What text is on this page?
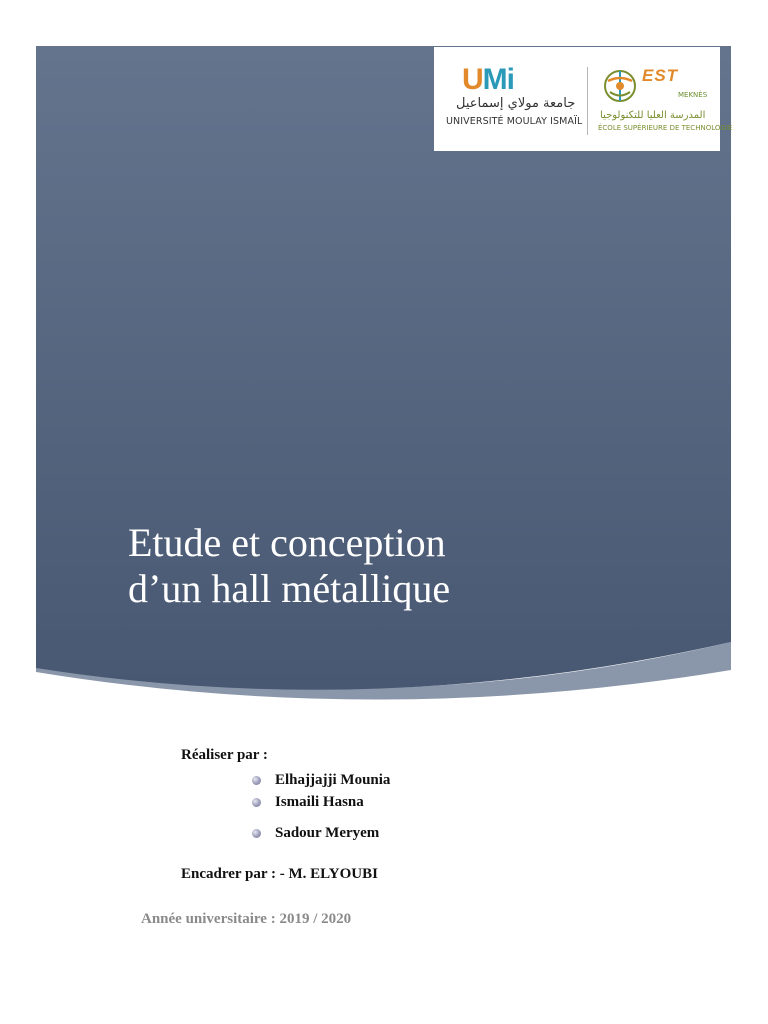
UMi
جامعة مولاي إسماعيل
UNIVERSITÉ MOULAY ISMAÏL
EST
MEKNÈS
المدرسة العليا للتكنولوجيا
ÉCOLE SUPÉRIEURE DE TECHNOLOGIE
Etude et conception
d’un hall métallique
Réaliser par :
Elhajjajji Mounia
Ismaili Hasna
Sadour Meryem
Encadrer par : - M. ELYOUBI
Année universitaire : 2019 / 2020
